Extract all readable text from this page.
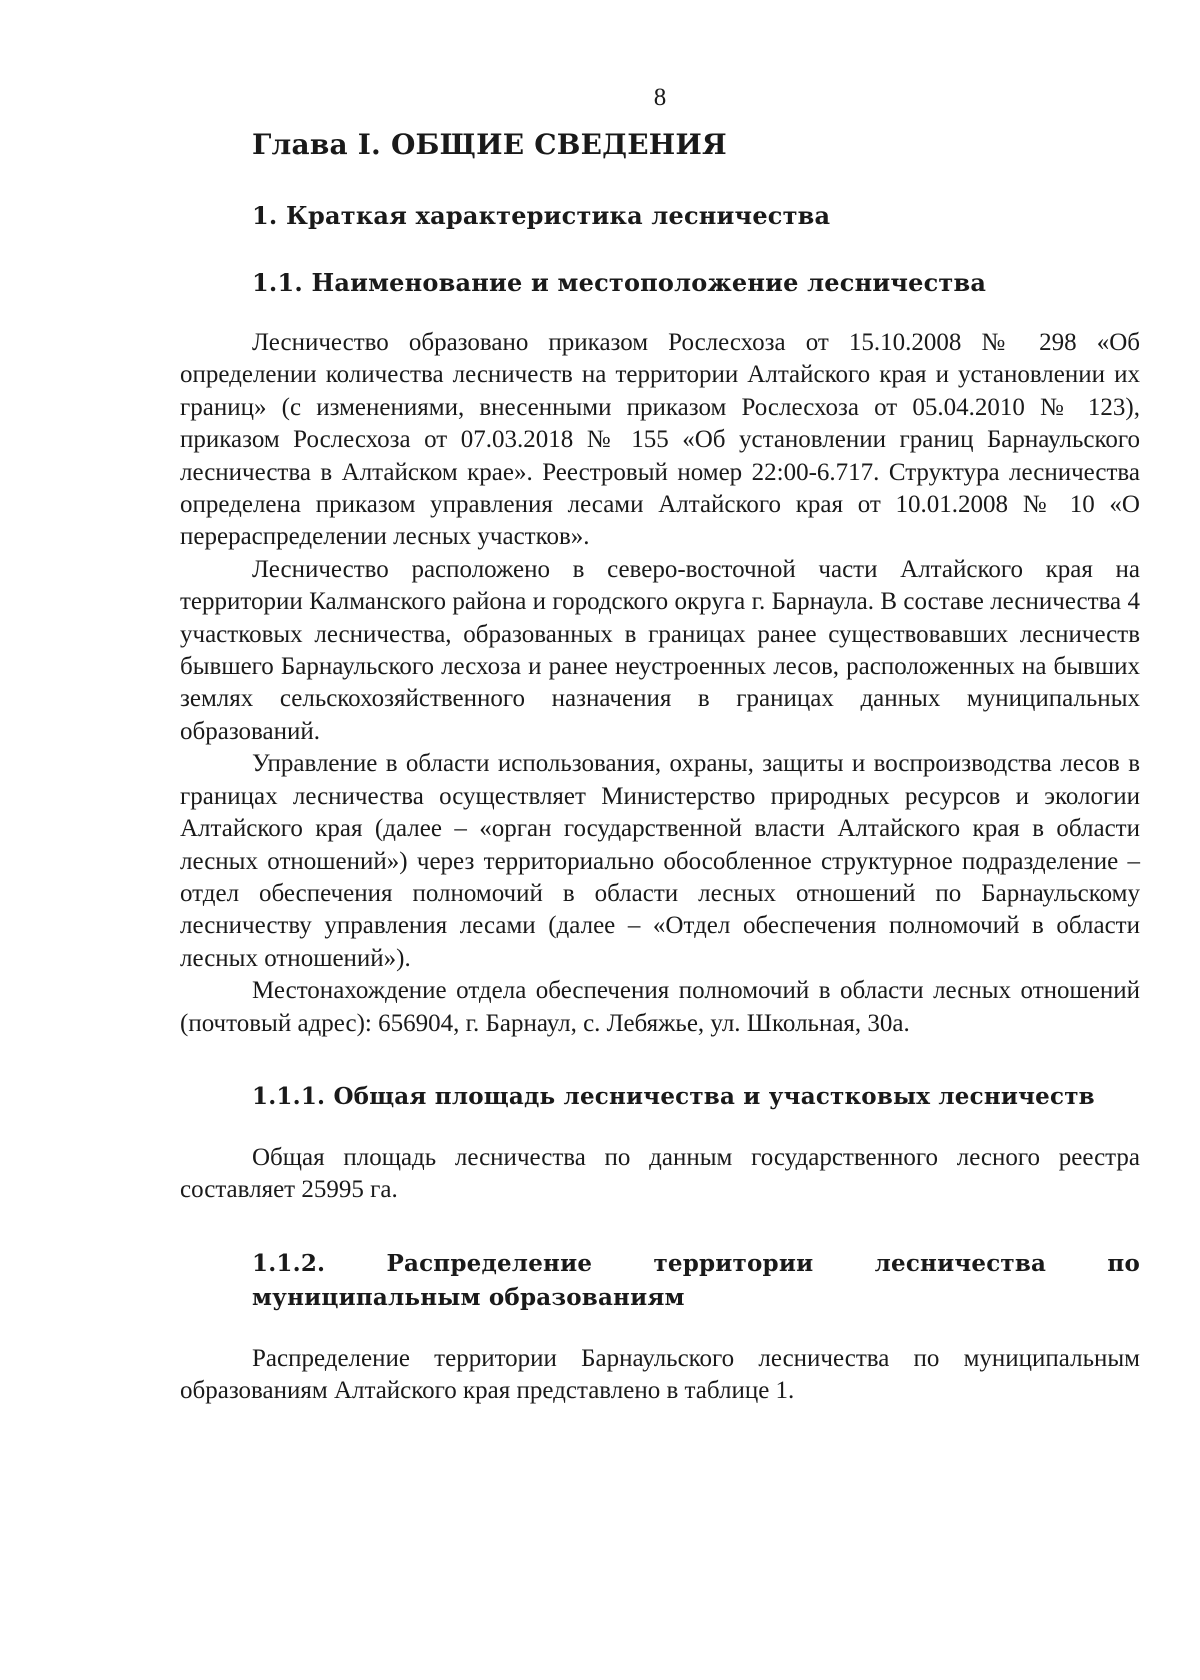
8
Глава I. ОБЩИЕ СВЕДЕНИЯ
1. Краткая характеристика лесничества
1.1. Наименование и местоположение лесничества

Лесничество образовано приказом Рослесхоза от 15.10.2008 № 298 «Об определении количества лесничеств на территории Алтайского края и установлении их границ» (с изменениями, внесенными приказом Рослесхоза от 05.04.2010 № 123), приказом Рослесхоза от 07.03.2018 № 155 «Об установлении границ Барнаульского лесничества в Алтайском крае». Реестровый номер 22:00-6.717. Структура лесничества определена приказом управления лесами Алтайского края от 10.01.2008 № 10 «О перераспределении лесных участков».

Лесничество расположено в северо-восточной части Алтайского края на территории Калманского района и городского округа г. Барнаула. В составе лесничества 4 участковых лесничества, образованных в границах ранее существовавших лесничеств бывшего Барнаульского лесхоза и ранее неустроенных лесов, расположенных на бывших землях сельскохозяйственного назначения в границах данных муниципальных образований.

Управление в области использования, охраны, защиты и воспроизводства лесов в границах лесничества осуществляет Министерство природных ресурсов и экологии Алтайского края (далее – «орган государственной власти Алтайского края в области лесных отношений») через территориально обособленное структурное подразделение – отдел обеспечения полномочий в области лесных отношений по Барнаульскому лесничеству управления лесами (далее – «Отдел обеспечения полномочий в области лесных отношений»).

Местонахождение отдела обеспечения полномочий в области лесных отношений (почтовый адрес): 656904, г. Барнаул, с. Лебяжье, ул. Школьная, 30а.

1.1.1. Общая площадь лесничества и участковых лесничеств

Общая площадь лесничества по данным государственного лесного реестра составляет 25995 га.

1.1.2. Распределение территории лесничества по муниципальным образованиям

Распределение территории Барнаульского лесничества по муниципальным образованиям Алтайского края представлено в таблице 1.
